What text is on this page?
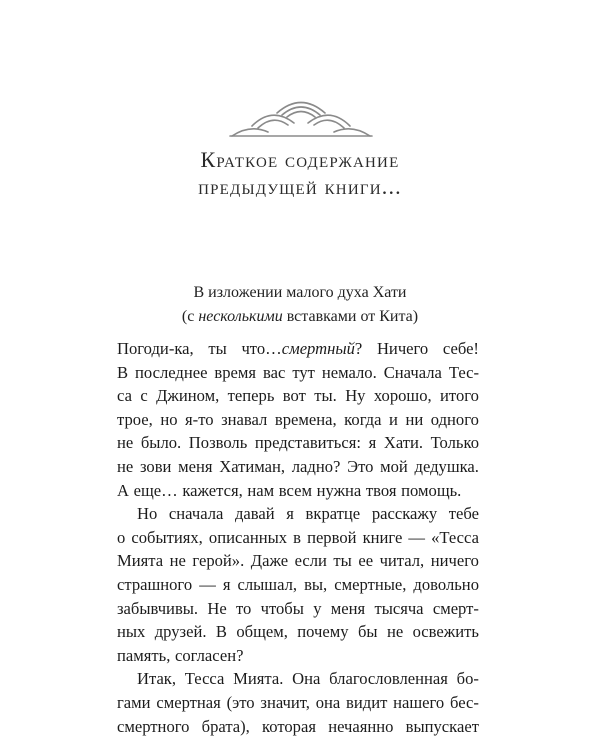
Краткое содержание
предыдущей книги...
В изложении малого духа Хати
(с несколькими вставками от Кита)
Погоди-ка, ты что…смертный? Ничего себе!
В последнее время вас тут немало. Сначала Тес-
са с Джином, теперь вот ты. Ну хорошо, итого
трое, но я-то знавал времена, когда и ни одного
не было. Позволь представиться: я Хати. Только
не зови меня Хатиман, ладно? Это мой дедушка.
А еще… кажется, нам всем нужна твоя помощь.
Но сначала давай я вкратце расскажу тебе
о событиях, описанных в первой книге — «Тесса
Мията не герой». Даже если ты ее читал, ничего
страшного — я слышал, вы, смертные, довольно
забывчивы. Не то чтобы у меня тысяча смерт-
ных друзей. В общем, почему бы не освежить
память, согласен?
Итак, Тесса Мията. Она благословленная бо-
гами смертная (это значит, она видит нашего бес-
смертного брата), которая нечаянно выпускает
